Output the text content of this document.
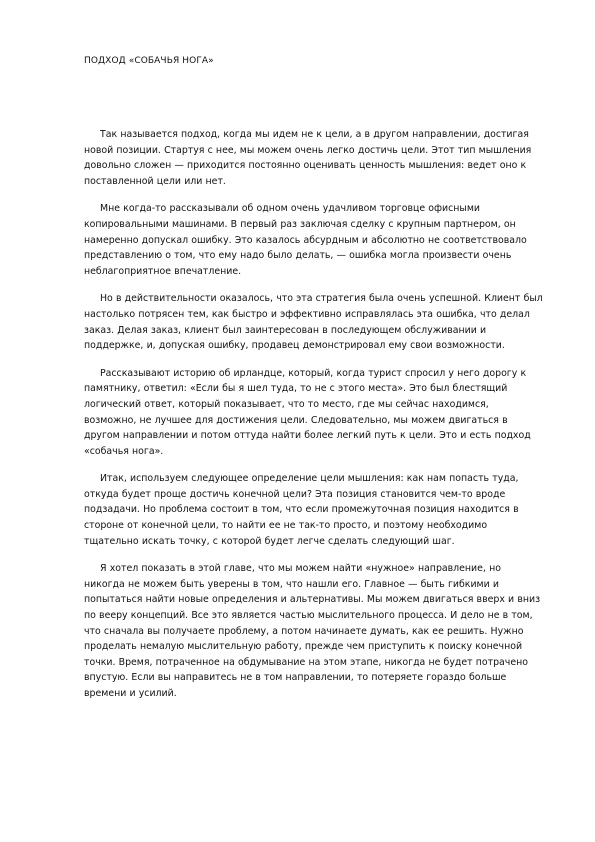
ПОДХОД «СОБАЧЬЯ НОГА»

Так называется подход, когда мы идем не к цели, а в другом направлении, достигая новой позиции. Стартуя с нее, мы можем очень легко достичь цели. Этот тип мышления довольно сложен — приходится постоянно оценивать ценность мышления: ведет оно к поставленной цели или нет.

Мне когда-то рассказывали об одном очень удачливом торговце офисными копировальными машинами. В первый раз заключая сделку с крупным партнером, он намеренно допускал ошибку. Это казалось абсурдным и абсолютно не соответствовало представлению о том, что ему надо было делать, — ошибка могла произвести очень неблагоприятное впечатление.

Но в действительности оказалось, что эта стратегия была очень успешной. Клиент был настолько потрясен тем, как быстро и эффективно исправлялась эта ошибка, что делал заказ. Делая заказ, клиент был заинтересован в последующем обслуживании и поддержке, и, допуская ошибку, продавец демонстрировал ему свои возможности.

Рассказывают историю об ирландце, который, когда турист спросил у него дорогу к памятнику, ответил: «Если бы я шел туда, то не с этого места». Это был блестящий логический ответ, который показывает, что то место, где мы сейчас находимся, возможно, не лучшее для достижения цели. Следовательно, мы можем двигаться в другом направлении и потом оттуда найти более легкий путь к цели. Это и есть подход «собачья нога».

Итак, используем следующее определение цели мышления: как нам попасть туда, откуда будет проще достичь конечной цели? Эта позиция становится чем-то вроде подзадачи. Но проблема состоит в том, что если промежуточная позиция находится в стороне от конечной цели, то найти ее не так-то просто, и поэтому необходимо тщательно искать точку, с которой будет легче сделать следующий шаг.

Я хотел показать в этой главе, что мы можем найти «нужное» направление, но никогда не можем быть уверены в том, что нашли его. Главное — быть гибкими и попытаться найти новые определения и альтернативы. Мы можем двигаться вверх и вниз по вееру концепций. Все это является частью мыслительного процесса. И дело не в том, что сначала вы получаете проблему, а потом начинаете думать, как ее решить. Нужно проделать немалую мыслительную работу, прежде чем приступить к поиску конечной точки. Время, потраченное на обдумывание на этом этапе, никогда не будет потрачено впустую. Если вы направитесь не в том направлении, то потеряете гораздо больше времени и усилий.
